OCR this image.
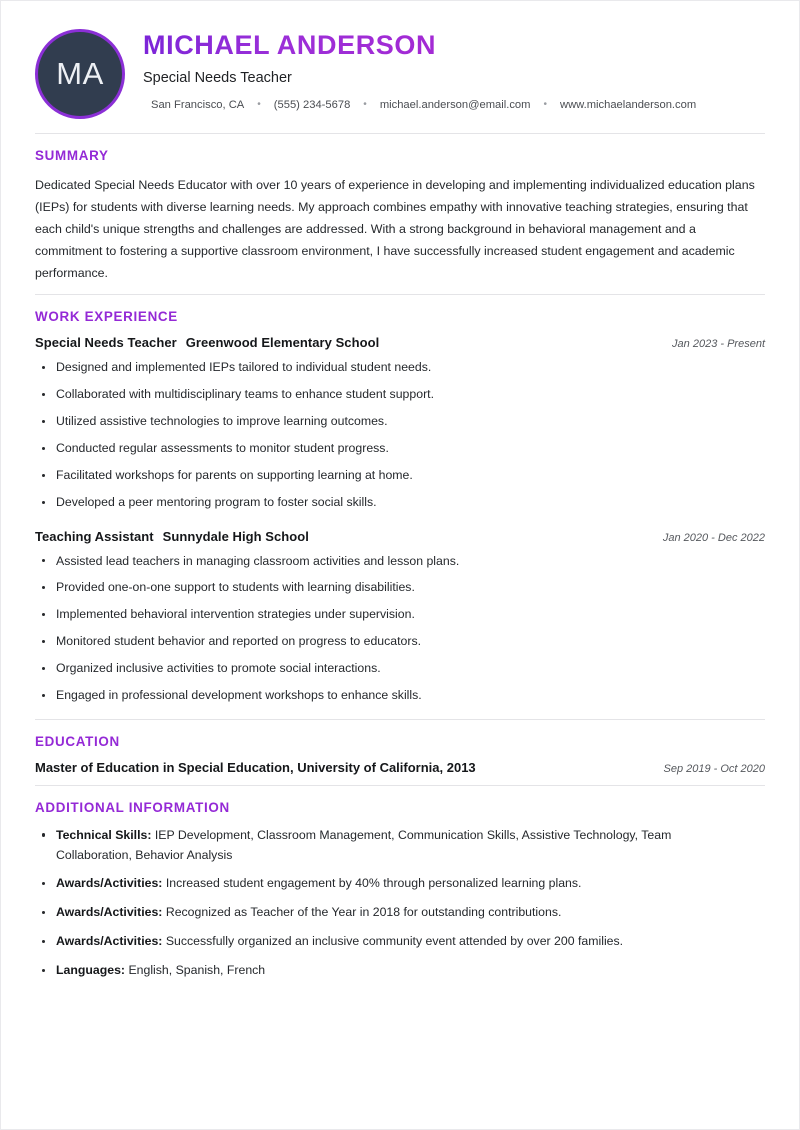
MA
MICHAEL ANDERSON
Special Needs Teacher
San Francisco, CA • (555) 234-5678 • michael.anderson@email.com • www.michaelanderson.com
SUMMARY

Dedicated Special Needs Educator with over 10 years of experience in developing and implementing individualized education plans (IEPs) for students with diverse learning needs. My approach combines empathy with innovative teaching strategies, ensuring that each child's unique strengths and challenges are addressed. With a strong background in behavioral management and a commitment to fostering a supportive classroom environment, I have successfully increased student engagement and academic performance.

WORK EXPERIENCE
Special Needs Teacher Greenwood Elementary School	Jan 2023 - Present
Designed and implemented IEPs tailored to individual student needs.
Collaborated with multidisciplinary teams to enhance student support.
Utilized assistive technologies to improve learning outcomes.
Conducted regular assessments to monitor student progress.
Facilitated workshops for parents on supporting learning at home.
Developed a peer mentoring program to foster social skills.
Teaching Assistant Sunnydale High School	Jan 2020 - Dec 2022
Assisted lead teachers in managing classroom activities and lesson plans.
Provided one-on-one support to students with learning disabilities.
Implemented behavioral intervention strategies under supervision.
Monitored student behavior and reported on progress to educators.
Organized inclusive activities to promote social interactions.
Engaged in professional development workshops to enhance skills.
EDUCATION
Master of Education in Special Education, University of California, 2013	Sep 2019 - Oct 2020
ADDITIONAL INFORMATION
Technical Skills: IEP Development, Classroom Management, Communication Skills, Assistive Technology, Team Collaboration, Behavior Analysis
Awards/Activities: Increased student engagement by 40% through personalized learning plans.
Awards/Activities: Recognized as Teacher of the Year in 2018 for outstanding contributions.
Awards/Activities: Successfully organized an inclusive community event attended by over 200 families.
Languages: English, Spanish, French
